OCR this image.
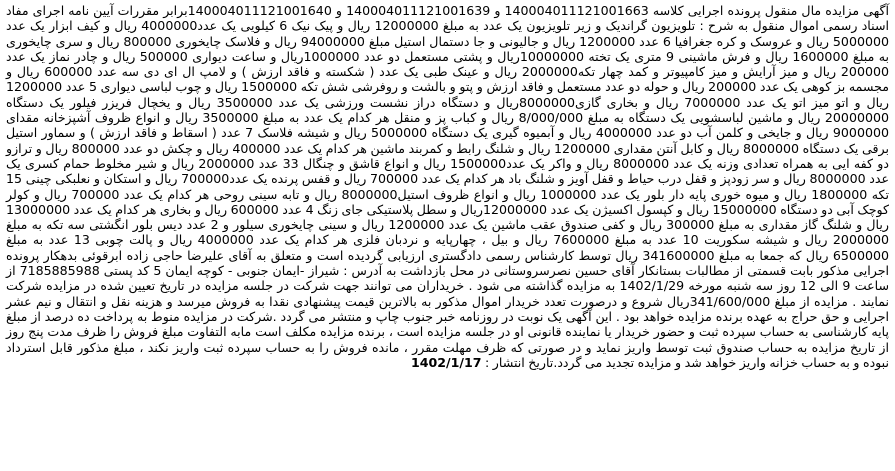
آگهی مزایده مال منقول پرونده اجرایی کلاسه 140004011121001663 و 140004011121001639 و 140004011121001640برابر مقررات آیین نامه اجرای مفاد اسناد رسمی اموال منقول به شرح : تلویزیون گراندیک و زیر تلویزیون یک عدد به مبلغ 12000000 ریال و پیک نیک 6 کیلویی یک عدد4000000 ریال و کیف ابزار یک عدد 5000000 ریال و عروسک و کره جغرافیا 6 عدد 1200000 ریال و جالیونی و جا دستمال استیل مبلغ 94000000 ریال و فلاسک چایخوری 800000 ریال و سری چایخوری به مبلغ 1600000 ریال و فرش ماشینی 9 متری یک تخته 10000000ریال و پشتی مستعمل دو عدد 1000000ریال و ساعت دیواری 500000 ریال و چادر نماز یک عدد 200000 ریال و میز آرایش و میز کامپیوتر و کمد چهار تکه2000000 ریال و عینک طبی یک عدد ( شکسته و فاقد ارزش ) و لامپ ال ای دی سه عدد 600000 ریال و مجسمه بز کوهی یک عدد 200000 ریال و حوله دو عدد مستعمل و فاقد ارزش و پتو و بالشت و روفرشی شش تکه 1500000 ریال و چوب لباسی دیواری 5 عدد 1200000 ریال و اتو میز اتو یک عدد 7000000 ریال و بخاری گازی8000000ریال و دستگاه دراز نشست ورزشی یک عدد 3500000 ریال و یخچال فریزر فیلور یک دستگاه 20000000 ریال و ماشین لباسشویی یک دستگاه به مبلغ 8/000/000 ریال و کباب پز و منقل هر کدام یک عدد به مبلغ 3500000 ریال و انواع ظروف آشپزخانه مقدای 9000000 ریال و جایخی و کلمن آب دو عدد 4000000 ریال و آبمیوه گیری یک دستگاه 5000000 ریال و شیشه فلاسک 7 عدد ( اسقاط و فاقد ارزش ) و سماور استیل برقی یک دستگاه 8000000 ریال و کابل آنتن مقداری 1200000 ریال و شلنگ رابط و کمربند ماشین هر کدام یک عدد 400000 ریال و چکش دو عدد 800000 ریال و ترازو دو کفه ایی به همراه تعدادی وزنه یک عدد 8000000 ریال و واکر یک عدد1500000 ریال و انواع قاشق و چنگال 33 عدد 2000000 ریال و شیر مخلوط حمام کسری یک عدد 8000000 ریال و سر زودپز و قفل درب حیاط و قفل آویز و شلنگ باد هر کدام یک عدد 700000 ریال و قفس پرنده یک عدد700000 ریال و استکان و نعلبکی چینی 15 تکه 1800000 ریال و میوه خوری پایه دار بلور یک عدد 1000000 ریال و انواع ظروف استیل8000000 ریال و تابه سینی روحی هر کدام یک عدد 700000 ریال و کولر کوچک آبی دو دستگاه 15000000 ریال و کپسول اکسیژن یک عدد 12000000ریال و سطل پلاستیکی جای زنگ 4 عدد 600000 ریال و بخاری هر کدام یک عدد 13000000 ریال و شلنگ گاز مقداری به مبلغ 300000 ریال و کفی صندوق عقب ماشین یک عدد 1200000 ریال و سینی چایخوری سیلور و 2 عدد دیس بلور انگشتی سه تکه به مبلغ 2000000 ریال و شیشه سکوریت 10 عدد به مبلغ 7600000 ریال و بیل ، چهارپایه و نردبان فلزی هر کدام یک عدد 4000000 ریال و پالت چوبی 13 عدد به مبلغ 6500000 ریال که جمعا به مبلغ 341600000 ریال توسط کارشناس رسمی دادگستری ارزیابی گردیده است و متعلق به آقای علیرضا حاجی زاده ابرقوئی بدهکار پرونده اجرایی مذکور بابت قسمتی از مطالبات بستانکار آقای حسین نصرسروستانی در محل بازداشت به آدرس : شیراز -ایمان جنوبی - کوچه ایمان 5 کد پستی 7185885988 از ساعت 9 الی 12 روز سه شنبه مورخه 1402/1/29 به مزایده گذاشته می شود . خریداران می توانند جهت شرکت در جلسه مزایده در تاریخ تعیین شده در مزایده شرکت نمایند . مزایده از مبلغ 341/600/000ریال شروع و درصورت تعدد خریدار اموال مذکور به بالاترین قیمت پیشنهادی نقدا به فروش میرسد و هزینه نقل و انتقال و نیم عشر اجرایی و حق حراج به عهده برنده مزایده خواهد بود . این آگهی یک نوبت در روزنامه خبر جنوب چاپ و منتشر می گردد .شرکت در مزایده منوط به پرداخت ده درصد از مبلغ پایه کارشناسی به حساب سپرده ثبت و حضور خریدار یا نماینده قانونی او در جلسه مزایده است ، برنده مزایده مکلف است مابه التفاوت مبلغ فروش را ظرف مدت پنج روز از تاریخ مزایده به حساب صندوق ثبت توسط واریز نماید و در صورتی که ظرف مهلت مقرر ، مانده فروش را به حساب سپرده ثبت واریز نکند ، مبلغ مذکور قابل استرداد نبوده و به حساب خزانه واریز خواهد شد و مزایده تجدید می گردد.تاریخ انتشار : 1402/1/17
